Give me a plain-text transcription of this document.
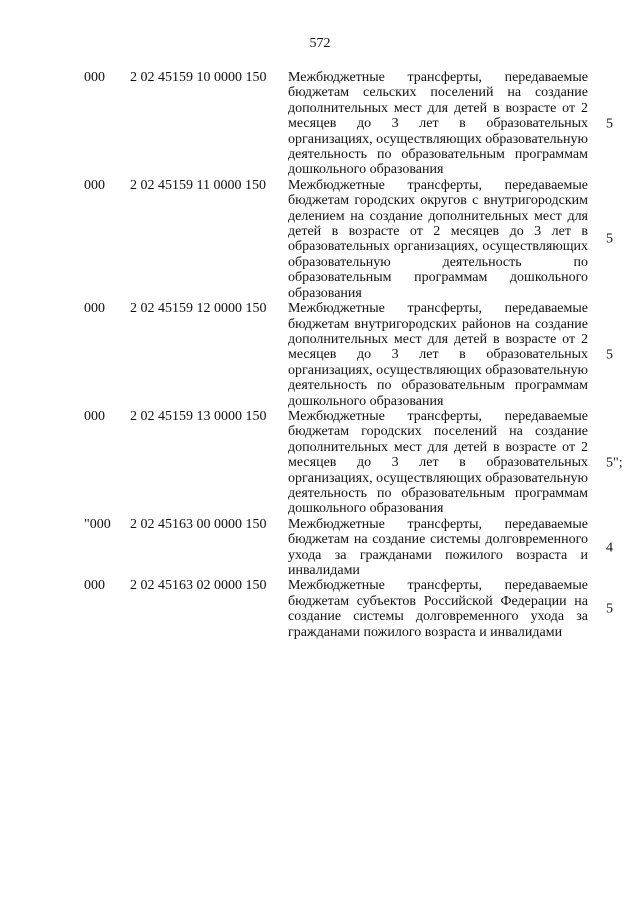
572
000 2 02 45159 10 0000 150 Межбюджетные трансферты, передаваемые бюджетам сельских поселений на создание дополнительных мест для детей в возрасте от 2 месяцев до 3 лет в образовательных организациях, осуществляющих образовательную деятельность по образовательным программам дошкольного образования
5
000 2 02 45159 11 0000 150 Межбюджетные трансферты, передаваемые бюджетам городских округов с внутригородским делением на создание дополнительных мест для детей в возрасте от 2 месяцев до 3 лет в образовательных организациях, осуществляющих образовательную деятельность по образовательным программам дошкольного образования
5
000 2 02 45159 12 0000 150 Межбюджетные трансферты, передаваемые бюджетам внутригородских районов на создание дополнительных мест для детей в возрасте от 2 месяцев до 3 лет в образовательных организациях, осуществляющих образовательную деятельность по образовательным программам дошкольного образования
5
000 2 02 45159 13 0000 150 Межбюджетные трансферты, передаваемые бюджетам городских поселений на создание дополнительных мест для детей в возрасте от 2 месяцев до 3 лет в образовательных организациях, осуществляющих образовательную деятельность по образовательным программам дошкольного образования
5";
"000 2 02 45163 00 0000 150 Межбюджетные трансферты, передаваемые бюджетам на создание системы долговременного ухода за гражданами пожилого возраста и инвалидами
4
000 2 02 45163 02 0000 150 Межбюджетные трансферты, передаваемые бюджетам субъектов Российской Федерации на создание системы долговременного ухода за гражданами пожилого возраста и инвалидами
5
